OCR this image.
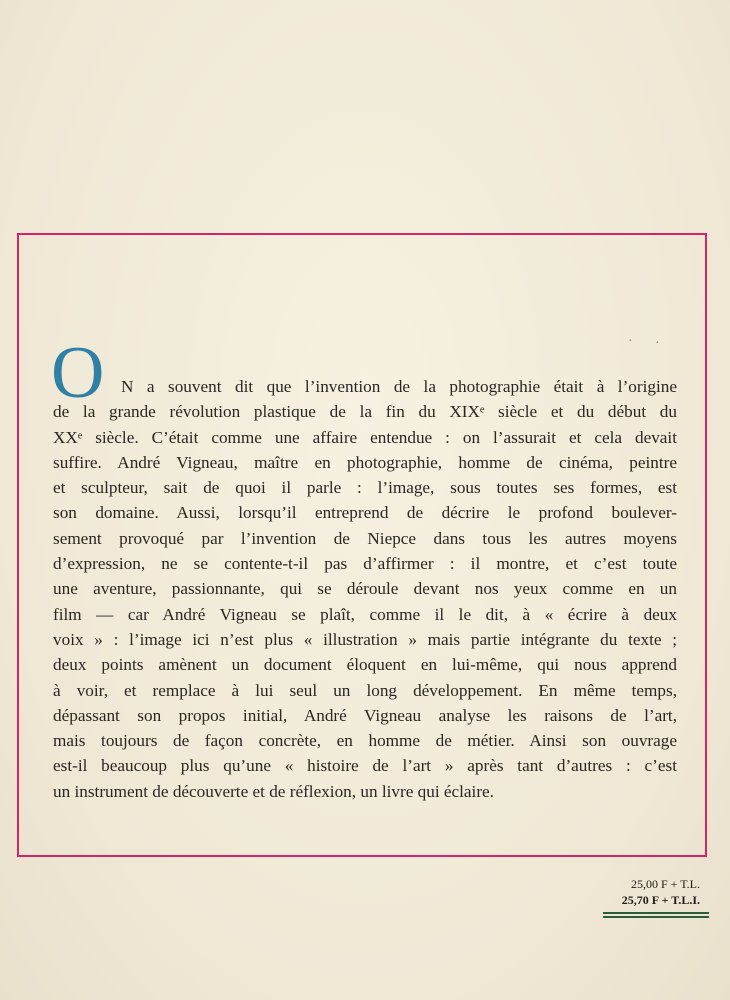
· ·
O N a souvent dit que l’invention de la photographie était à l’origine
de la grande révolution plastique de la fin du XIXᵉ siècle et du début du
XXᵉ siècle. C’était comme une affaire entendue : on l’assurait et cela devait
suffire. André Vigneau, maître en photographie, homme de cinéma, peintre
et sculpteur, sait de quoi il parle : l’image, sous toutes ses formes, est
son domaine. Aussi, lorsqu’il entreprend de décrire le profond boulever-
sement provoqué par l’invention de Niepce dans tous les autres moyens
d’expression, ne se contente-t-il pas d’affirmer : il montre, et c’est toute
une aventure, passionnante, qui se déroule devant nos yeux comme en un
film — car André Vigneau se plaît, comme il le dit, à « écrire à deux
voix » : l’image ici n’est plus « illustration » mais partie intégrante du texte ;
deux points amènent un document éloquent en lui-même, qui nous apprend
à voir, et remplace à lui seul un long développement. En même temps,
dépassant son propos initial, André Vigneau analyse les raisons de l’art,
mais toujours de façon concrète, en homme de métier. Ainsi son ouvrage
est-il beaucoup plus qu’une « histoire de l’art » après tant d’autres : c’est
un instrument de découverte et de réflexion, un livre qui éclaire.
25,00 F + T.L.
25,70 F + T.L.I.
